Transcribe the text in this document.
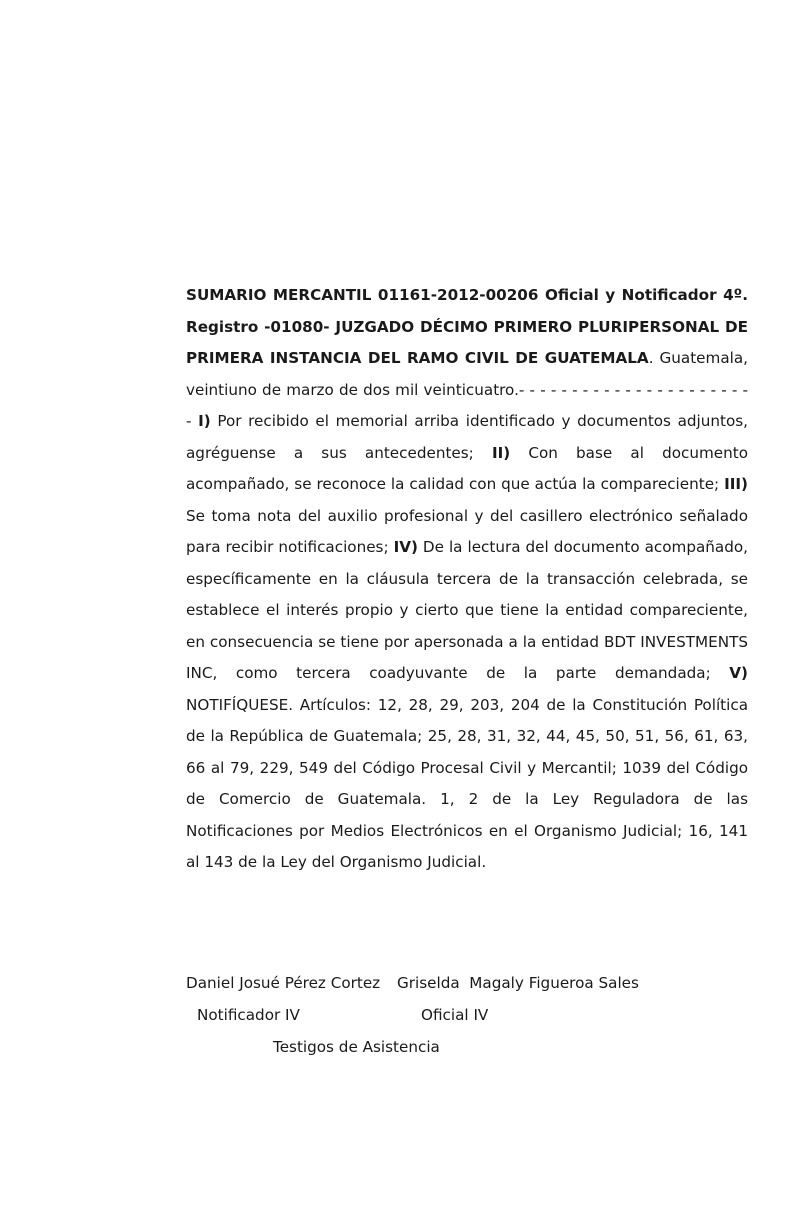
SUMARIO MERCANTIL 01161-2012-00206 Oficial y Notificador 4º. Registro -01080- JUZGADO DÉCIMO PRIMERO PLURIPERSONAL DE PRIMERA INSTANCIA DEL RAMO CIVIL DE GUATEMALA. Guatemala, veintiuno de marzo de dos mil veinticuatro.- - - - - - - - - - - - - - - - - - - - - - - I) Por recibido el memorial arriba identificado y documentos adjuntos, agréguense a sus antecedentes; II) Con base al documento acompañado, se reconoce la calidad con que actúa la compareciente; III) Se toma nota del auxilio profesional y del casillero electrónico señalado para recibir notificaciones; IV) De la lectura del documento acompañado, específicamente en la cláusula tercera de la transacción celebrada, se establece el interés propio y cierto que tiene la entidad compareciente, en consecuencia se tiene por apersonada a la entidad BDT INVESTMENTS INC, como tercera coadyuvante de la parte demandada; V) NOTIFÍQUESE. Artículos: 12, 28, 29, 203, 204 de la Constitución Política de la República de Guatemala; 25, 28, 31, 32, 44, 45, 50, 51, 56, 61, 63, 66 al 79, 229, 549 del Código Procesal Civil y Mercantil; 1039 del Código de Comercio de Guatemala. 1, 2 de la Ley Reguladora de las Notificaciones por Medios Electrónicos en el Organismo Judicial; 16, 141 al 143 de la Ley del Organismo Judicial.

Daniel Josué Pérez Cortez Griselda  Magaly Figueroa Sales
Notificador IV	Oficial IV
Testigos de Asistencia
